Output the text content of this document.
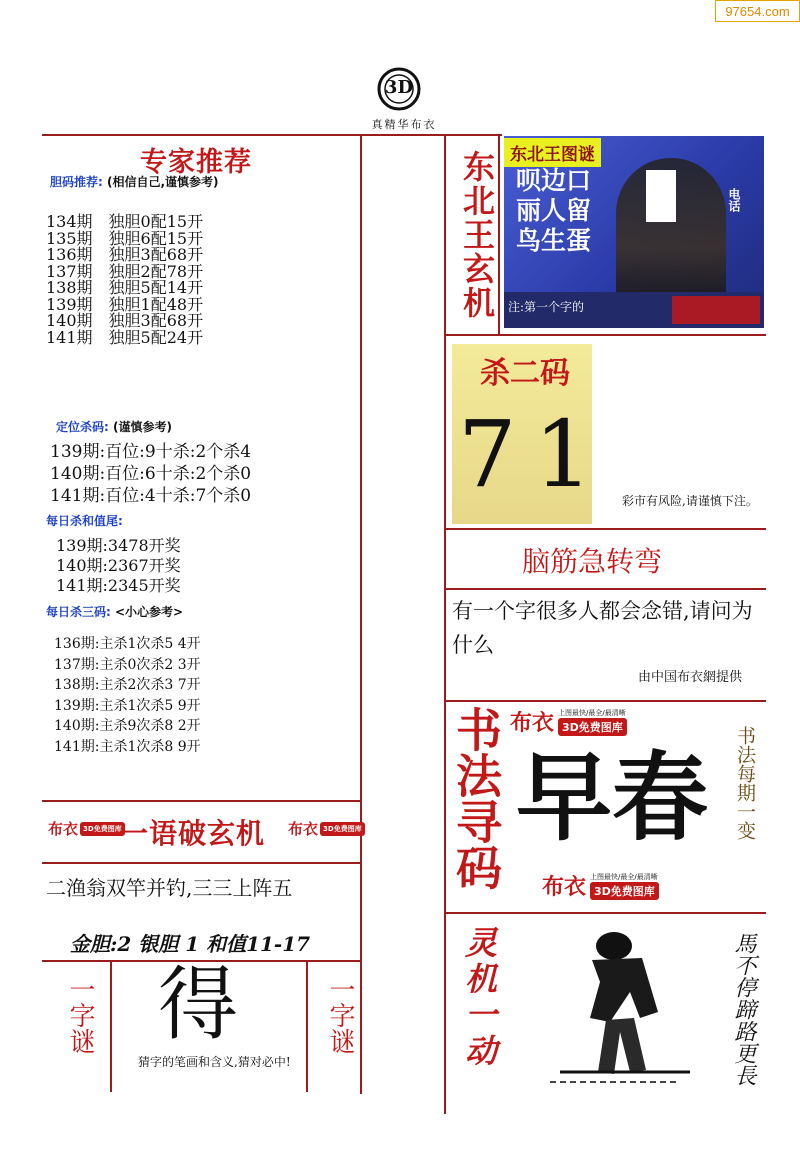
97654.com
3D
真精华布衣
专家推荐
胆码推荐: (相信自己,谨慎参考)
134期　独胆0配15开
135期　独胆6配15开
136期　独胆3配68开
137期　独胆2配78开
138期　独胆5配14开
139期　独胆1配48开
140期　独胆3配68开
141期　独胆5配24开
定位杀码: (谨慎参考)
139期:百位:9十杀:2个杀4
140期:百位:6十杀:2个杀0
141期:百位:4十杀:7个杀0
每日杀和值尾:
139期:3478开奖
140期:2367开奖
141期:2345开奖
每日杀三码: <小心参考>
136期:主杀1次杀5 4开
137期:主杀0次杀2 3开
138期:主杀2次杀3 7开
139期:主杀1次杀5 9开
140期:主杀9次杀8 2开
141期:主杀1次杀8 9开
布衣 3D免费图库
一语破玄机 布衣 3D免费图库
二渔翁双竿并钓,三三上阵五
金胆:2 银胆 1 和值11-17
一字谜	一字谜
得
猜字的笔画和含义,猜对必中!
东北王玄机 东北王图谜
呗边口
丽人留
鸟生蛋
电话
注:第一个字的
杀二码
7 1	彩市有风险,请谨慎下注。
脑筋急转弯
有一个字很多人都会念错,请问为什么
由中国布衣網提供
书法寻码 布衣 上图最快/最全/最清晰
3D免费图库
早春
布衣 上图最快/最全/最清晰
3D免费图库
书法每期一变
灵机一动	馬不停蹄路更長
